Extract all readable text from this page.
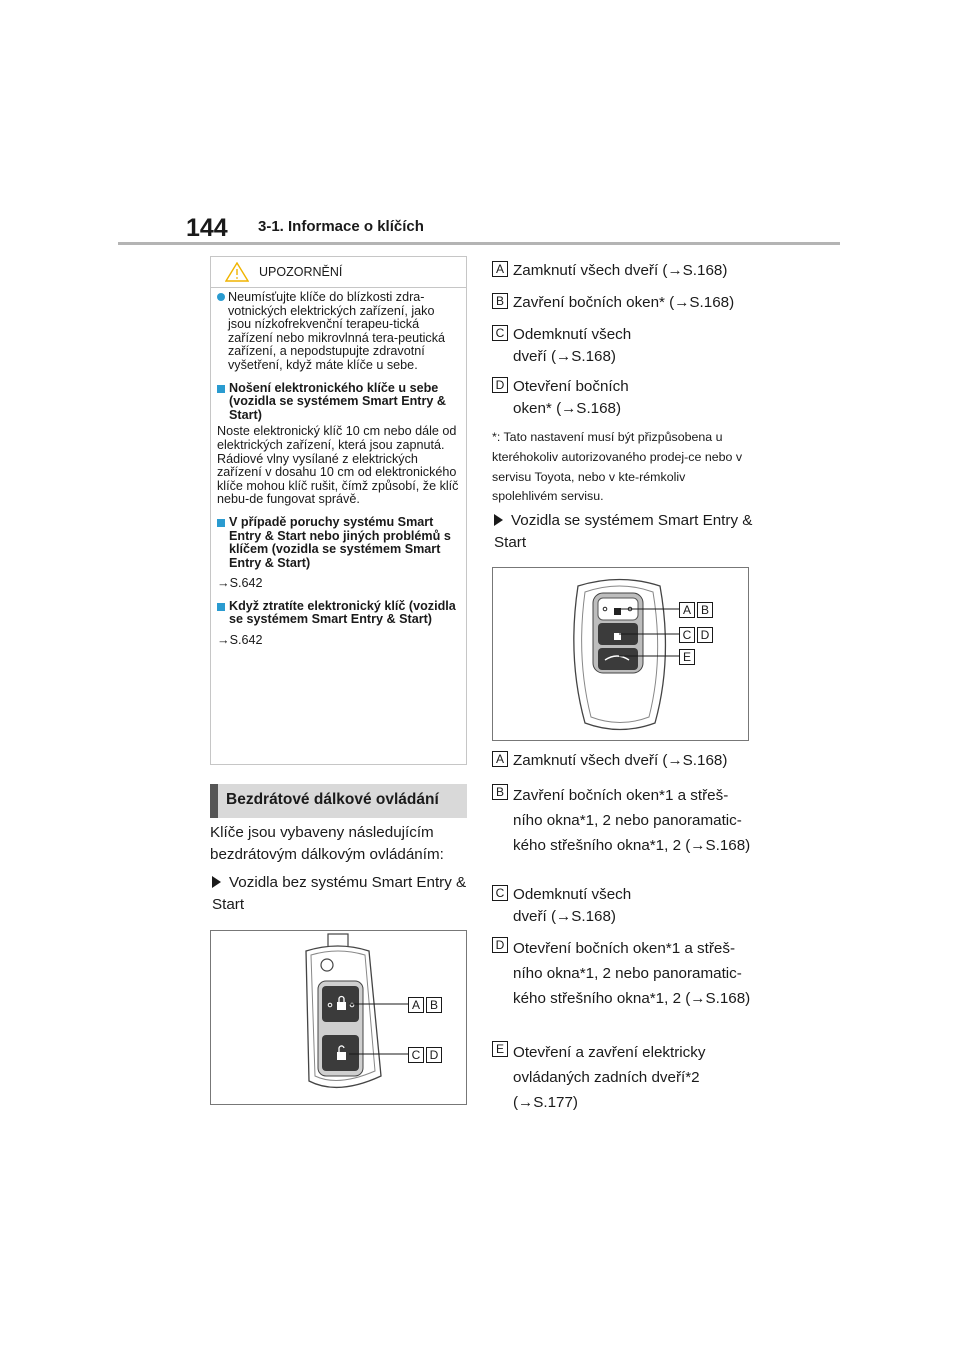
144 3-1. Informace o klíčích
UPOZORNĚNÍ
Neumísťujte klíče do blízkosti zdra-votnických elektrických zařízení, jako jsou nízkofrekvenční terapeu-tická zařízení nebo mikrovlnná tera-peutická zařízení, a nepodstupujte zdravotní vyšetření, když máte klíče u sebe.
Nošení elektronického klíče u sebe (vozidla se systémem Smart Entry & Start)
Noste elektronický klíč 10 cm nebo dále od elektrických zařízení, která jsou zapnutá. Rádiové vlny vysílané z elektrických zařízení v dosahu 10 cm od elektronického klíče mohou klíč rušit, čímž způsobí, že klíč nebu-de fungovat správě.
V případě poruchy systému Smart Entry & Start nebo jiných problémů s klíčem (vozidla se systémem Smart Entry & Start)
→S.642
Když ztratíte elektronický klíč (vozidla se systémem Smart Entry & Start)
→S.642
Bezdrátové dálkové ovládání
Klíče jsou vybaveny následujícím bezdrátovým dálkovým ovládáním:
Vozidla bez systému Smart Entry & Start
A B
C D
A Zamknutí všech dveří (→S.168)
B Zavření bočních oken* (→S.168)
C Odemknutí všech dveří (→S.168)
D Otevření bočních oken* (→S.168)
*: Tato nastavení musí být přizpůsobena u kteréhokoliv autorizovaného prodej-ce nebo v servisu Toyota, nebo v kte-rémkoliv spolehlivém servisu.
Vozidla se systémem Smart Entry & Start
A B
C D
E
A Zamknutí všech dveří (→S.168)
B Zavření bočních oken*1 a střeš-ního okna*1, 2 nebo panoramatic-kého střešního okna*1, 2 (→S.168)
C Odemknutí všech dveří (→S.168)
D Otevření bočních oken*1 a střeš-ního okna*1, 2 nebo panoramatic-kého střešního okna*1, 2 (→S.168)
E Otevření a zavření elektricky ovládaných zadních dveří*2 (→S.177)
